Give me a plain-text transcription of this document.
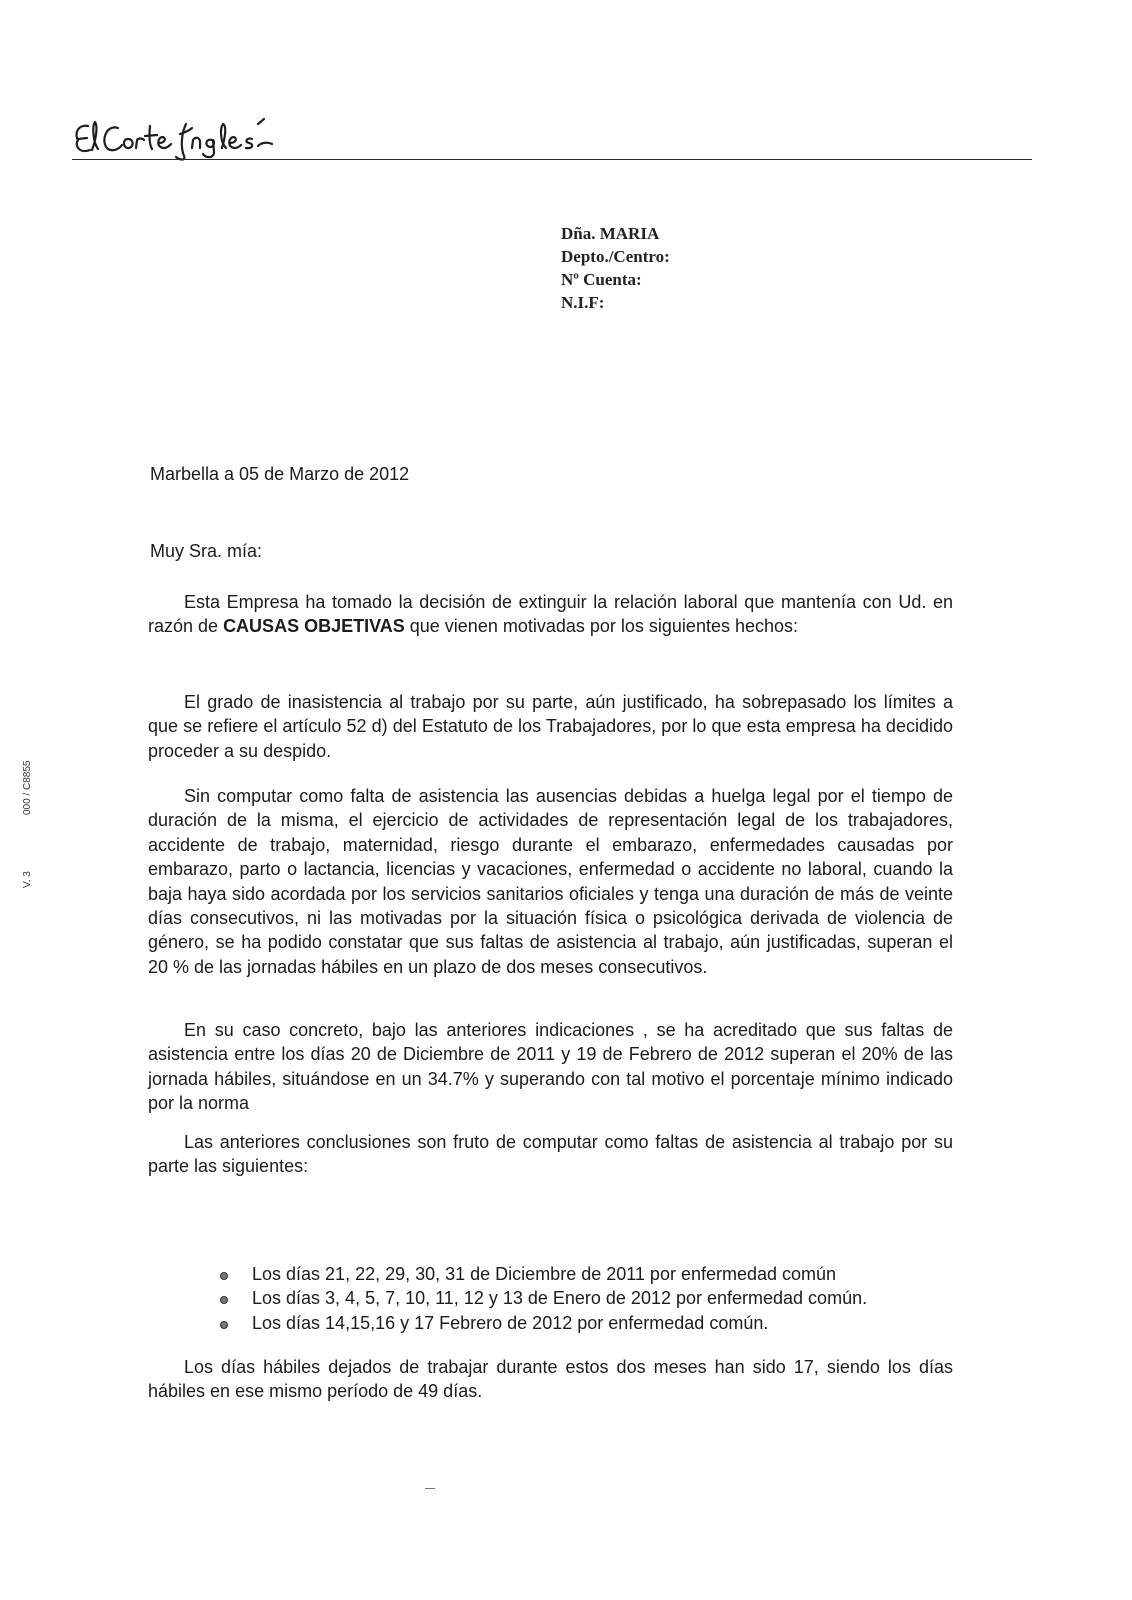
Dña. MARIA
Depto./Centro:
Nº Cuenta:
N.I.F:
Marbella a 05 de Marzo de 2012
Muy Sra. mía:
Esta Empresa ha tomado la decisión de extinguir la relación laboral que mantenía con Ud. en razón de CAUSAS OBJETIVAS que vienen motivadas por los siguientes hechos:
El grado de inasistencia al trabajo por su parte, aún justificado, ha sobrepasado los límites a que se refiere el artículo 52 d) del Estatuto de los Trabajadores, por lo que esta empresa ha decidido proceder a su despido.
Sin computar como falta de asistencia las ausencias debidas a huelga legal por el tiempo de duración de la misma, el ejercicio de actividades de representación legal de los trabajadores, accidente de trabajo, maternidad, riesgo durante el embarazo, enfermedades causadas por embarazo, parto o lactancia, licencias y vacaciones, enfermedad o accidente no laboral, cuando la baja haya sido acordada por los servicios sanitarios oficiales y tenga una duración de más de veinte días consecutivos, ni las motivadas por la situación física o psicológica derivada de violencia de género, se ha podido constatar que sus faltas de asistencia al trabajo, aún justificadas, superan el 20 % de las jornadas hábiles en un plazo de dos meses consecutivos.
En su caso concreto, bajo las anteriores indicaciones , se ha acreditado que sus faltas de asistencia entre los días 20 de Diciembre de 2011 y 19 de Febrero de 2012 superan el 20% de las jornada hábiles, situándose en un 34.7% y superando con tal motivo el porcentaje mínimo indicado por la norma
Las anteriores conclusiones son fruto de computar como faltas de asistencia al trabajo por su parte las siguientes:
Los días 21, 22, 29, 30, 31 de Diciembre de 2011 por enfermedad común
Los días 3, 4, 5, 7, 10, 11, 12 y 13 de Enero de 2012 por enfermedad común.
Los días 14,15,16 y 17 Febrero de 2012 por enfermedad común.
Los días hábiles dejados de trabajar durante estos dos meses han sido 17, siendo los días hábiles en ese mismo período de 49 días.
000 / C8855
V. 3
